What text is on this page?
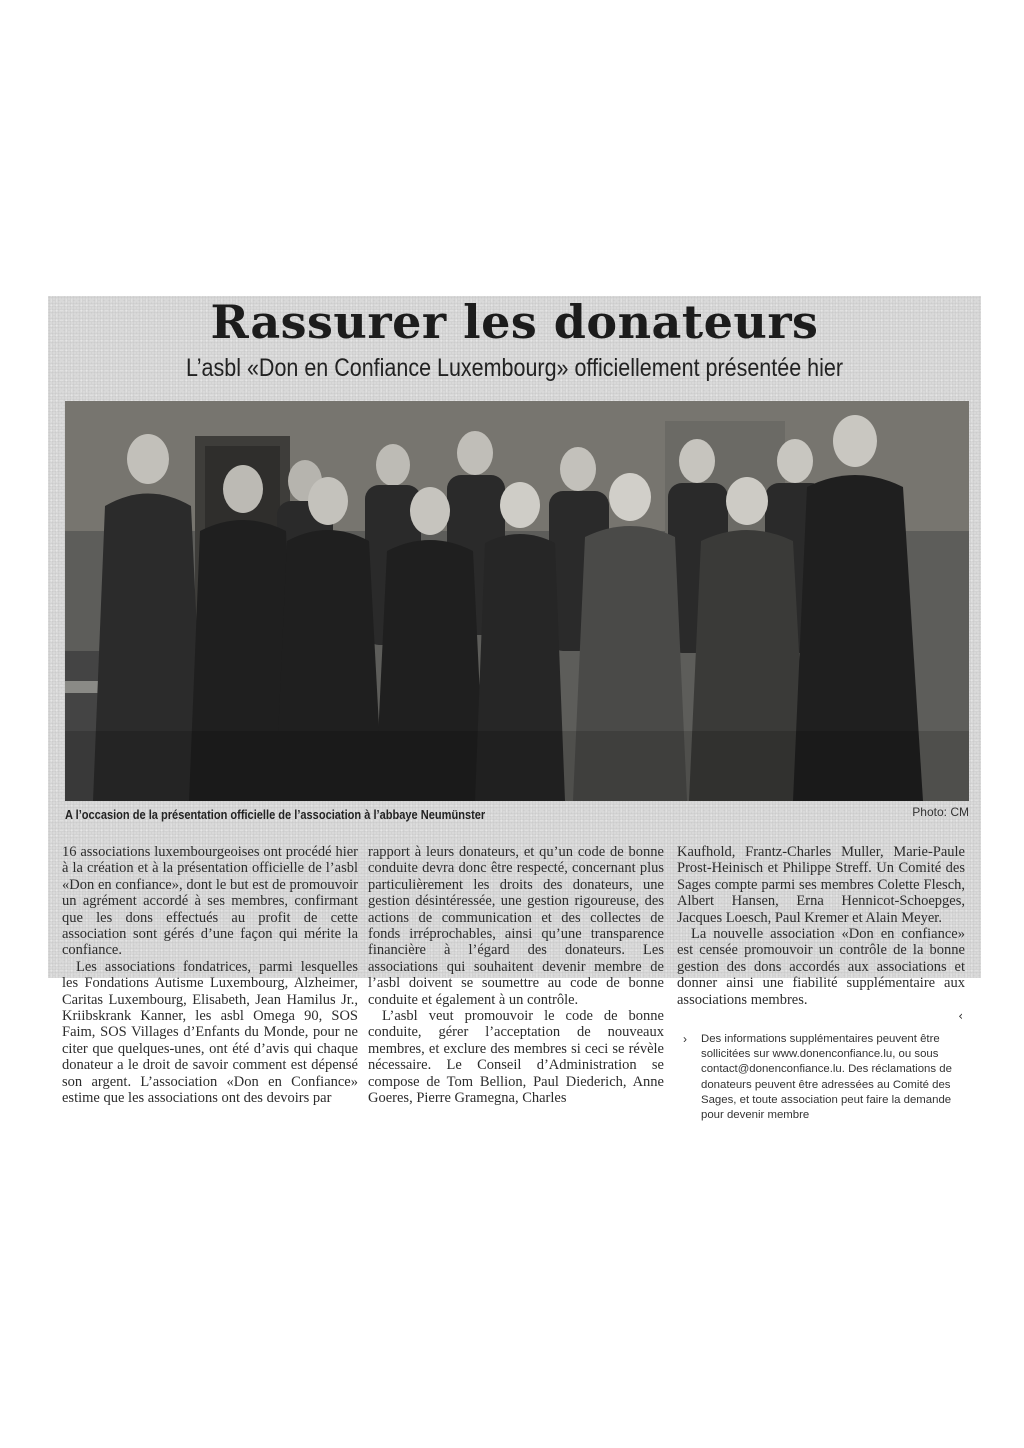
Rassurer les donateurs
L’asbl «Don en Confiance Luxembourg» officiellement présentée hier
A l’occasion de la présentation officielle de l’association à l’abbaye Neumünster	Photo: CM

16 associations luxembourgeoises ont procédé hier à la création et à la présentation officielle de l’asbl «Don en confiance», dont le but est de promouvoir un agrément accordé à ses membres, confirmant que les dons effectués au profit de cette association sont gérés d’une façon qui mérite la confiance.

Les associations fondatrices, parmi lesquelles les Fondations Autisme Luxembourg, Alzheimer, Caritas Luxembourg, Elisabeth, Jean Hamilus Jr., Kriibskrank Kanner, les asbl Omega 90, SOS Faim, SOS Villages d’Enfants du Monde, pour ne citer que quelques-unes, ont été d’avis qui chaque donateur a le droit de savoir comment est dépensé son argent. L’association «Don en Confiance» estime que les associations ont des devoirs par

rapport à leurs donateurs, et qu’un code de bonne conduite devra donc être respecté, concernant plus particulièrement les droits des donateurs, une gestion désintéressée, une gestion rigoureuse, des actions de communication et des collectes de fonds irréprochables, ainsi qu’une transparence financière à l’égard des donateurs. Les associations qui souhaitent devenir membre de l’asbl doivent se soumettre au code de bonne conduite et également à un contrôle.

L’asbl veut promouvoir le code de bonne conduite, gérer l’acceptation de nouveaux membres, et exclure des membres si ceci se révèle nécessaire. Le Conseil d’Administration se compose de Tom Bellion, Paul Diederich, Anne Goeres, Pierre Gramegna, Charles

Kaufhold, Frantz-Charles Muller, Marie-Paule Prost-Heinisch et Philippe Streff. Un Comité des Sages compte parmi ses membres Colette Flesch, Albert Hansen, Erna Hennicot-Schoepges, Jacques Loesch, Paul Kremer et Alain Meyer.

La nouvelle association «Don en confiance» est censée promouvoir un contrôle de la bonne gestion des dons accordés aux associations et donner ainsi une fiabilité supplémentaire aux associations membres.

‹
› Des informations supplémentaires peuvent être sollicitées sur www.donenconfiance.lu, ou sous contact@donenconfiance.lu. Des réclamations de donateurs peuvent être adressées au Comité des Sages, et toute association peut faire la demande pour devenir membre
